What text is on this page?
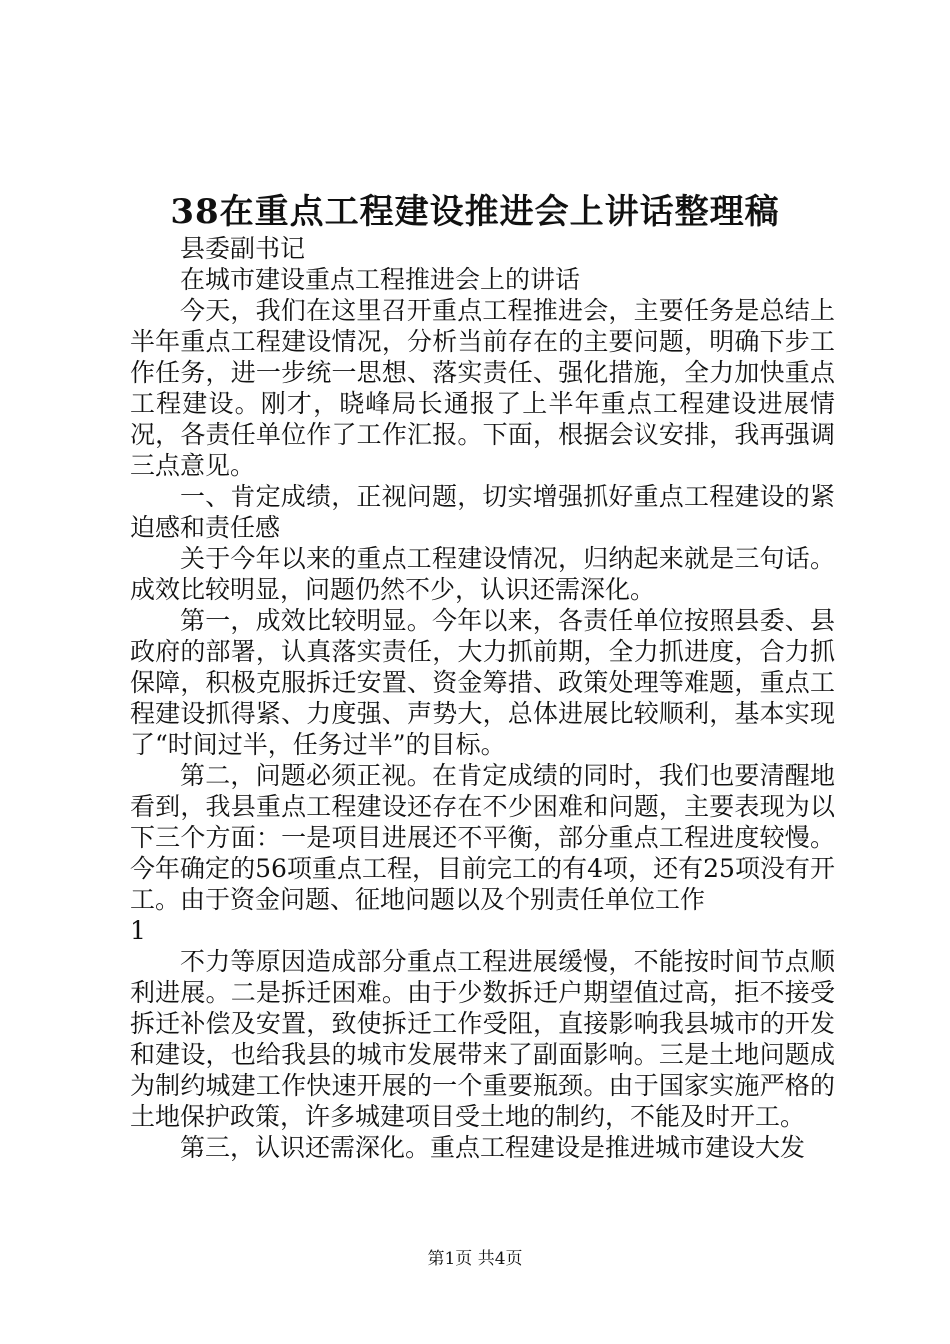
38在重点工程建设推进会上讲话整理稿

县委副书记

在城市建设重点工程推进会上的讲话

今天，我们在这里召开重点工程推进会，主要任务是总结上半年重点工程建设情况，分析当前存在的主要问题，明确下步工作任务，进一步统一思想、落实责任、强化措施，全力加快重点工程建设。刚才，晓峰局长通报了上半年重点工程建设进展情况，各责任单位作了工作汇报。下面，根据会议安排，我再强调三点意见。

一、肯定成绩，正视问题，切实增强抓好重点工程建设的紧迫感和责任感

关于今年以来的重点工程建设情况，归纳起来就是三句话。成效比较明显，问题仍然不少，认识还需深化。

第一，成效比较明显。今年以来，各责任单位按照县委、县政府的部署，认真落实责任，大力抓前期，全力抓进度，合力抓保障，积极克服拆迁安置、资金筹措、政策处理等难题，重点工程建设抓得紧、力度强、声势大，总体进展比较顺利，基本实现了“时间过半，任务过半”的目标。

第二，问题必须正视。在肯定成绩的同时，我们也要清醒地看到，我县重点工程建设还存在不少困难和问题，主要表现为以下三个方面：一是项目进展还不平衡，部分重点工程进度较慢。今年确定的56项重点工程，目前完工的有4项，还有25项没有开工。由于资金问题、征地问题以及个别责任单位工作

1

不力等原因造成部分重点工程进展缓慢，不能按时间节点顺利进展。二是拆迁困难。由于少数拆迁户期望值过高，拒不接受拆迁补偿及安置，致使拆迁工作受阻，直接影响我县城市的开发和建设，也给我县的城市发展带来了副面影响。三是土地问题成为制约城建工作快速开展的一个重要瓶颈。由于国家实施严格的土地保护政策，许多城建项目受土地的制约，不能及时开工。

第三，认识还需深化。重点工程建设是推进城市建设大发

第1页 共4页
